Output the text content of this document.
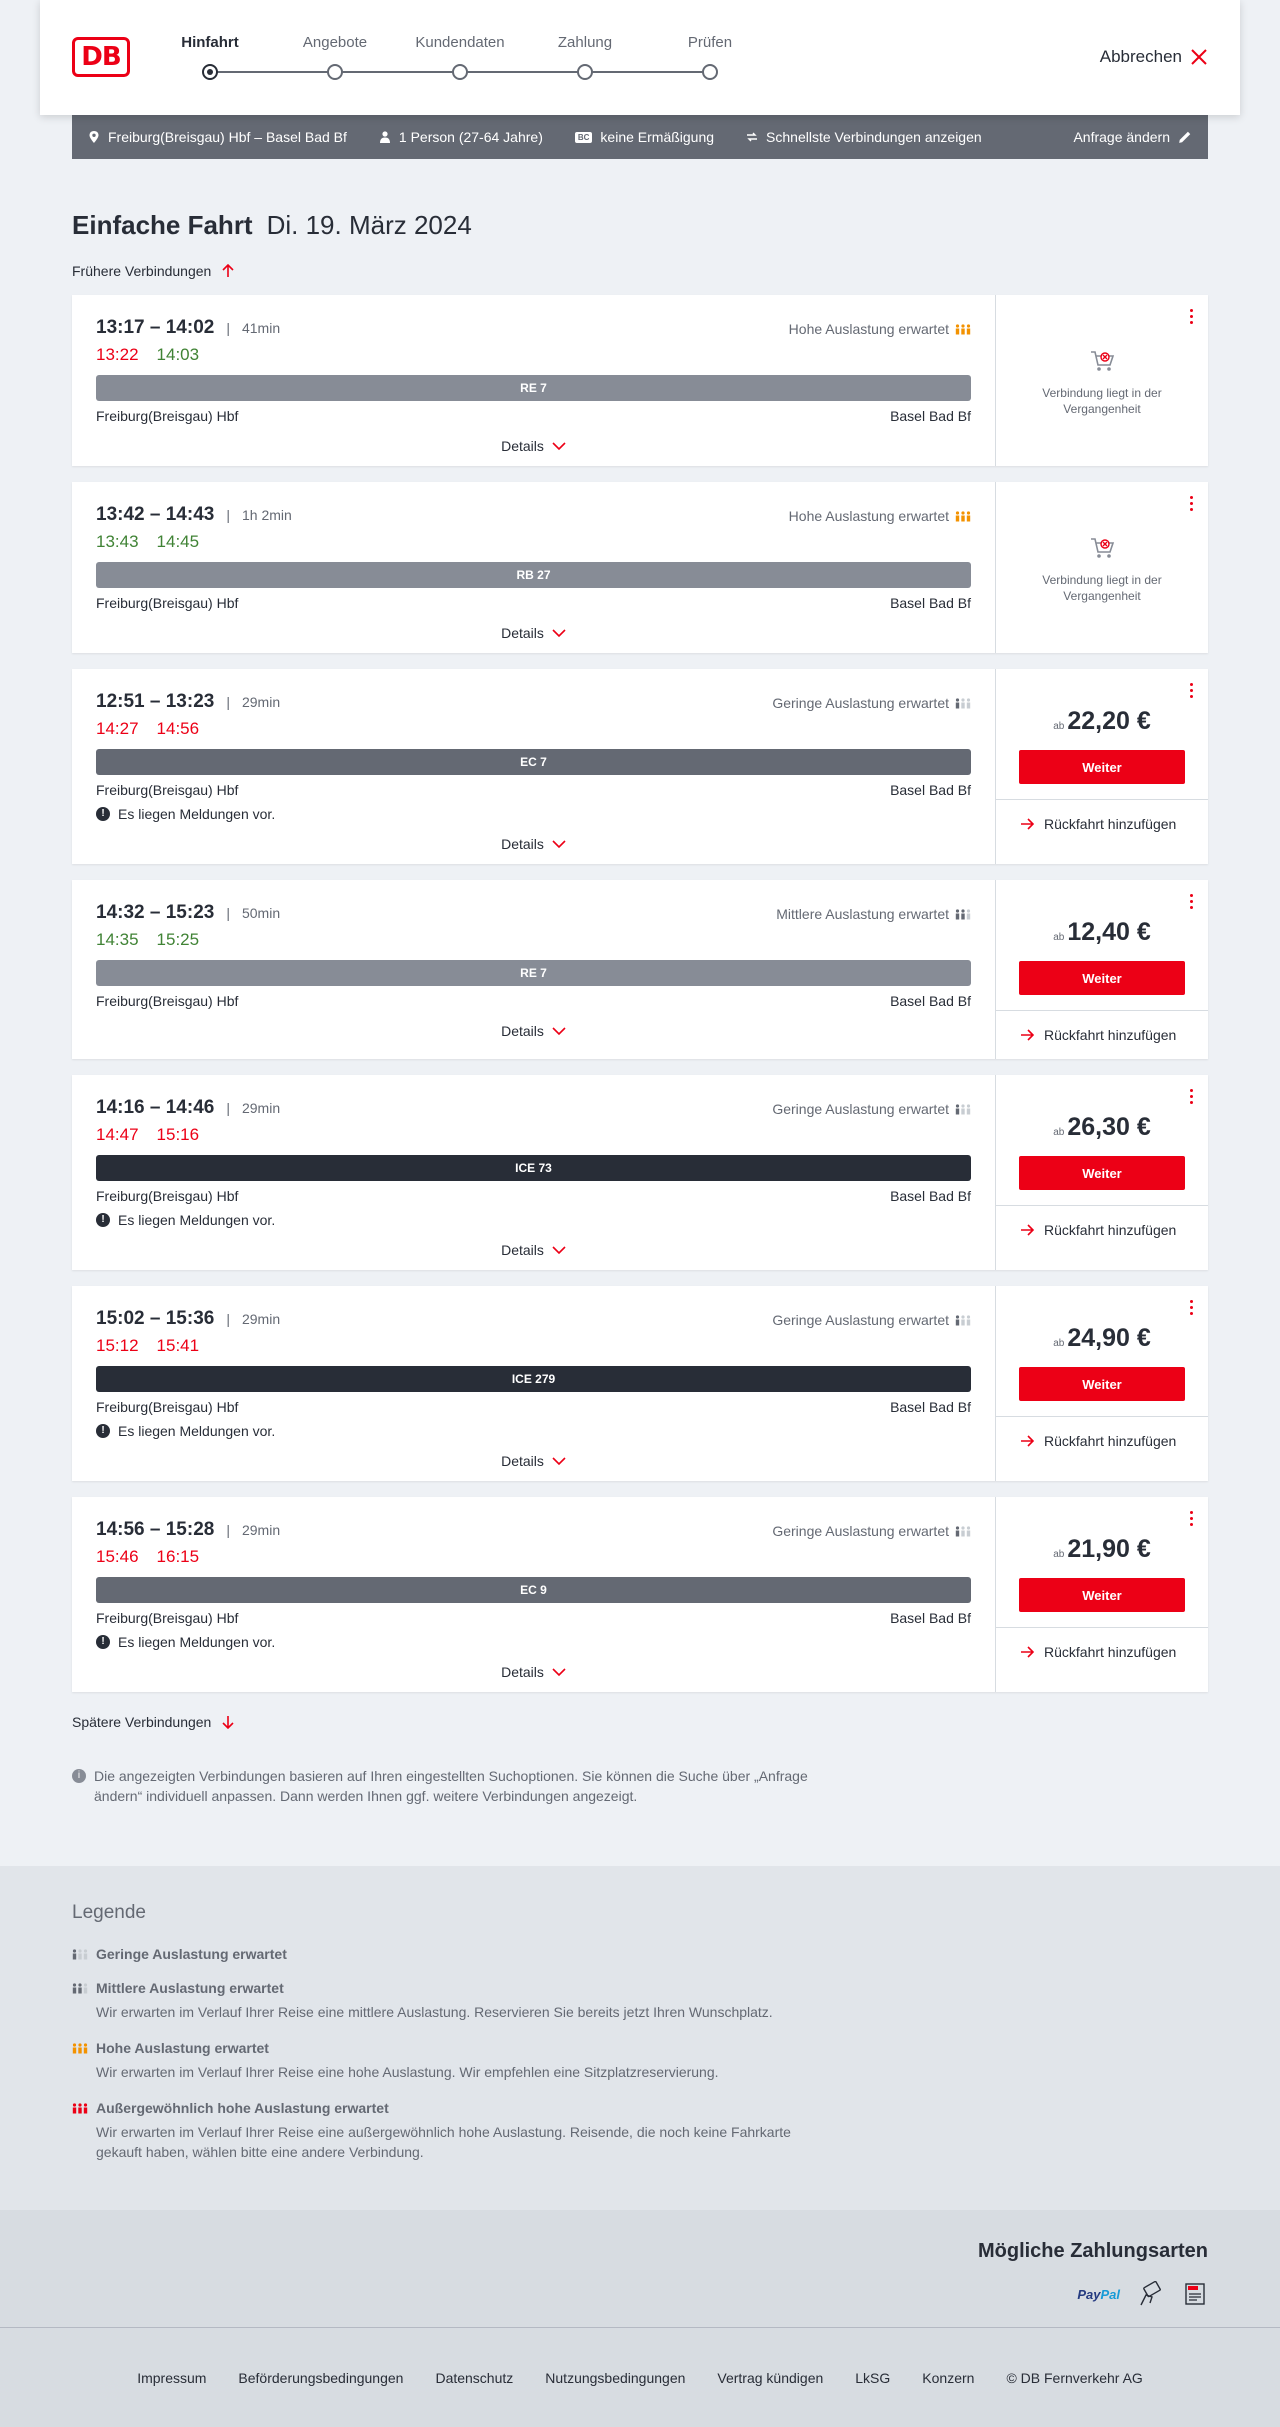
DB	Hinfahrt	Angebote	Kundendaten	Zahlung	Prüfen
Abbrechen
Freiburg(Breisgau) Hbf – Basel Bad Bf	1 Person (27-64 Jahre)	BC keine Ermäßigung	Schnellste Verbindungen anzeigen	Anfrage ändern
Einfache Fahrt Di. 19. März 2024
Frühere Verbindungen
13:17 – 14:02 | 41min
13:22 14:03
Hohe Auslastung erwartet
RE 7
Freiburg(Breisgau) Hbf	Basel Bad Bf
Details

Verbindung liegt in der Vergangenheit
13:42 – 14:43 | 1h 2min
13:43 14:45
Hohe Auslastung erwartet
RB 27
Freiburg(Breisgau) Hbf	Basel Bad Bf
Details

Verbindung liegt in der Vergangenheit
12:51 – 13:23 | 29min
14:27 14:56
Geringe Auslastung erwartet
EC 7
Freiburg(Breisgau) Hbf	Basel Bad Bf
! Es liegen Meldungen vor.
Details
ab 22,20 €
Weiter
Rückfahrt hinzufügen
14:32 – 15:23 | 50min
14:35 15:25
Mittlere Auslastung erwartet
RE 7
Freiburg(Breisgau) Hbf	Basel Bad Bf
Details
ab 12,40 €
Weiter
Rückfahrt hinzufügen
14:16 – 14:46 | 29min
14:47 15:16
Geringe Auslastung erwartet
ICE 73
Freiburg(Breisgau) Hbf	Basel Bad Bf
! Es liegen Meldungen vor.
Details
ab 26,30 €
Weiter
Rückfahrt hinzufügen
15:02 – 15:36 | 29min
15:12 15:41
Geringe Auslastung erwartet
ICE 279
Freiburg(Breisgau) Hbf	Basel Bad Bf
! Es liegen Meldungen vor.
Details
ab 24,90 €
Weiter
Rückfahrt hinzufügen
14:56 – 15:28 | 29min
15:46 16:15
Geringe Auslastung erwartet
EC 9
Freiburg(Breisgau) Hbf	Basel Bad Bf
! Es liegen Meldungen vor.
Details
ab 21,90 €
Weiter
Rückfahrt hinzufügen
Spätere Verbindungen
i Die angezeigten Verbindungen basieren auf Ihren eingestellten Suchoptionen. Sie können die Suche über „Anfrage ändern“ individuell anpassen. Dann werden Ihnen ggf. weitere Verbindungen angezeigt.
Legende
Geringe Auslastung erwartet
Mittlere Auslastung erwartet
Wir erwarten im Verlauf Ihrer Reise eine mittlere Auslastung. Reservieren Sie bereits jetzt Ihren Wunschplatz.
Hohe Auslastung erwartet
Wir erwarten im Verlauf Ihrer Reise eine hohe Auslastung. Wir empfehlen eine Sitzplatzreservierung.
Außergewöhnlich hohe Auslastung erwartet
Wir erwarten im Verlauf Ihrer Reise eine außergewöhnlich hohe Auslastung. Reisende, die noch keine Fahrkarte gekauft haben, wählen bitte eine andere Verbindung.
Mögliche Zahlungsarten
PayPal
Impressum Beförderungsbedingungen Datenschutz Nutzungsbedingungen Vertrag kündigen LkSG Konzern © DB Fernverkehr AG
